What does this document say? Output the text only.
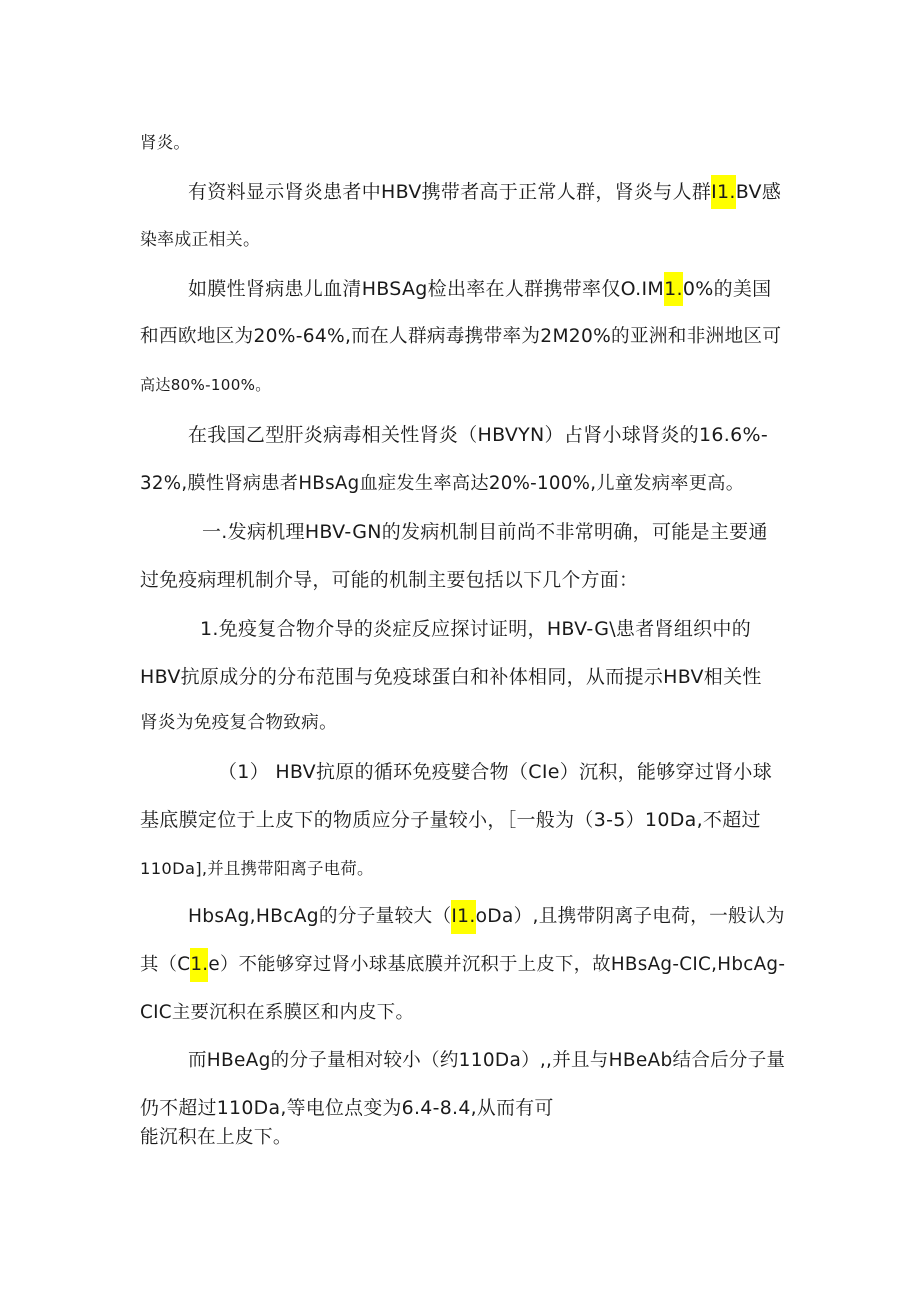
肾炎。
有资料显示肾炎患者中HBV携带者高于正常人群，肾炎与人群I1.BV感
染率成正相关。
如膜性肾病患儿血清HBSAg检出率在人群携带率仅O.IM1.0%的美国
和西欧地区为20%-64%,而在人群病毒携带率为2M20%的亚洲和非洲地区可
高达80%-100%。
在我国乙型肝炎病毒相关性肾炎（HBVYN）占肾小球肾炎的16.6%-
32%,膜性肾病患者HBsAg血症发生率高达20%-100%,儿童发病率更高。
一.发病机理HBV-GN的发病机制目前尚不非常明确，可能是主要通
过免疫病理机制介导，可能的机制主要包括以下几个方面：
1.免疫复合物介导的炎症反应探讨证明，HBV-G\患者肾组织中的
HBV抗原成分的分布范围与免疫球蛋白和补体相同，从而提示HBV相关性
肾炎为免疫复合物致病。
（1） HBV抗原的循环免疫嬖合物（CIe）沉积，能够穿过肾小球
基底膜定位于上皮下的物质应分子量较小，［一般为（3-5）10Da,不超过
110Da],并且携带阳离子电荷。
HbsAg,HBcAg的分子量较大（I1.oDa）,且携带阴离子电荷，一般认为
其（C1.e）不能够穿过肾小球基底膜并沉积于上皮下，故HBsAg-CIC,HbcAg-
CIC主要沉积在系膜区和内皮下。
而HBeAg的分子量相对较小（约110Da）,,并且与HBeAb结合后分子量
仍不超过110Da,等电位点变为6.4-8.4,从而有可
能沉积在上皮下。
